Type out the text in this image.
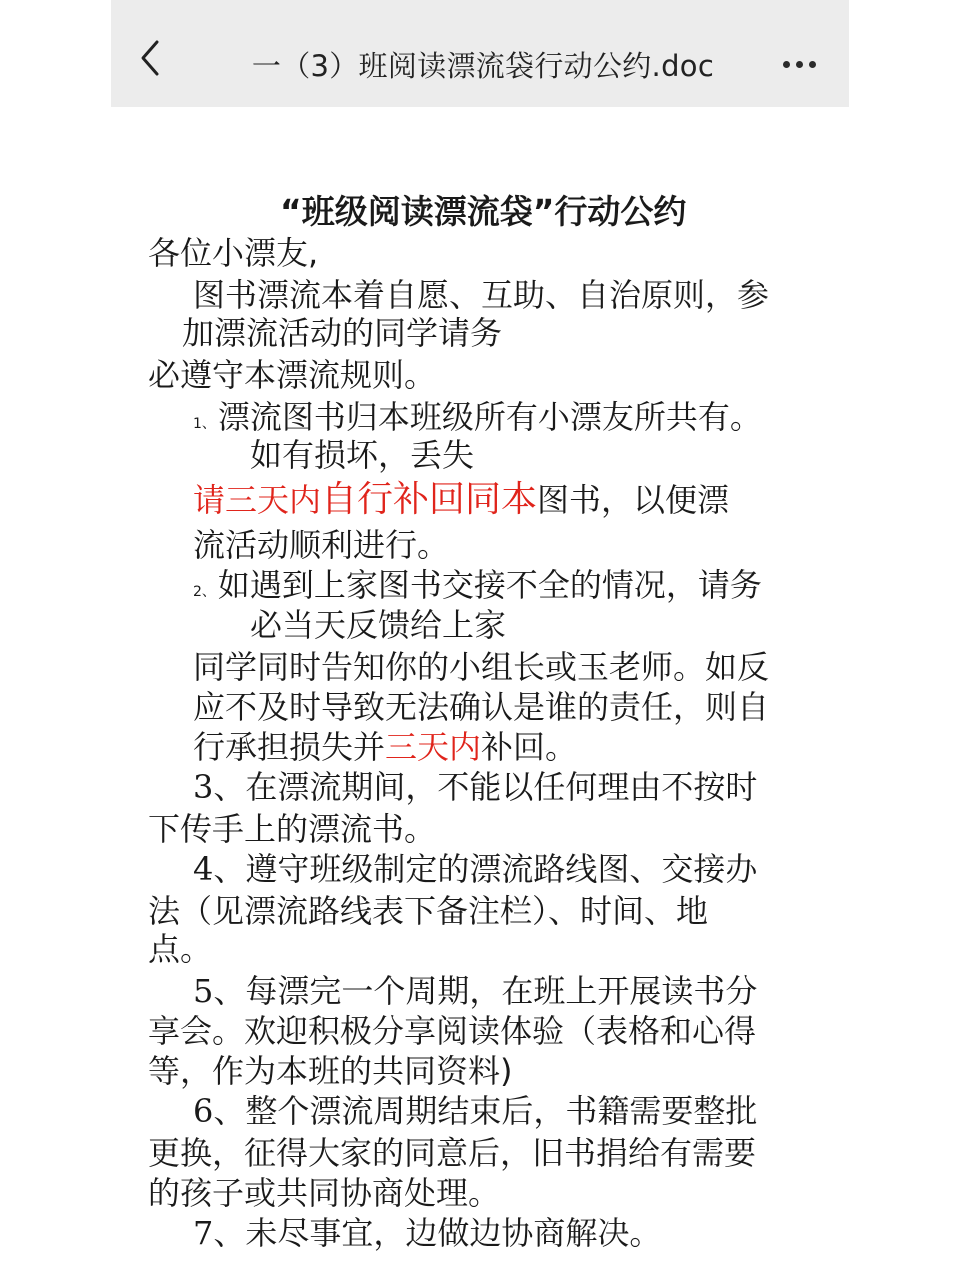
一（3）班阅读漂流袋行动公约.doc
“班级阅读漂流袋”行动公约
各位小漂友,
图书漂流本着自愿、互助、自治原则，参
加漂流活动的同学请务
必遵守本漂流规则。
1、漂流图书归本班级所有小漂友所共有。
如有损坏，丢失
请三天内自行补回同本图书，以便漂
流活动顺利进行。
2、如遇到上家图书交接不全的情况，请务
必当天反馈给上家
同学同时告知你的小组长或玉老师。如反
应不及时导致无法确认是谁的责任，则自
行承担损失并三天内补回。
3、在漂流期间，不能以任何理由不按时
下传手上的漂流书。
4、遵守班级制定的漂流路线图、交接办
法（见漂流路线表下备注栏）、时间、地
点。
5、每漂完一个周期，在班上开展读书分
享会。欢迎积极分享阅读体验（表格和心得
等，作为本班的共同资料)
6、整个漂流周期结束后，书籍需要整批
更换，征得大家的同意后，旧书捐给有需要
的孩子或共同协商处理。
7、未尽事宜，边做边协商解决。
